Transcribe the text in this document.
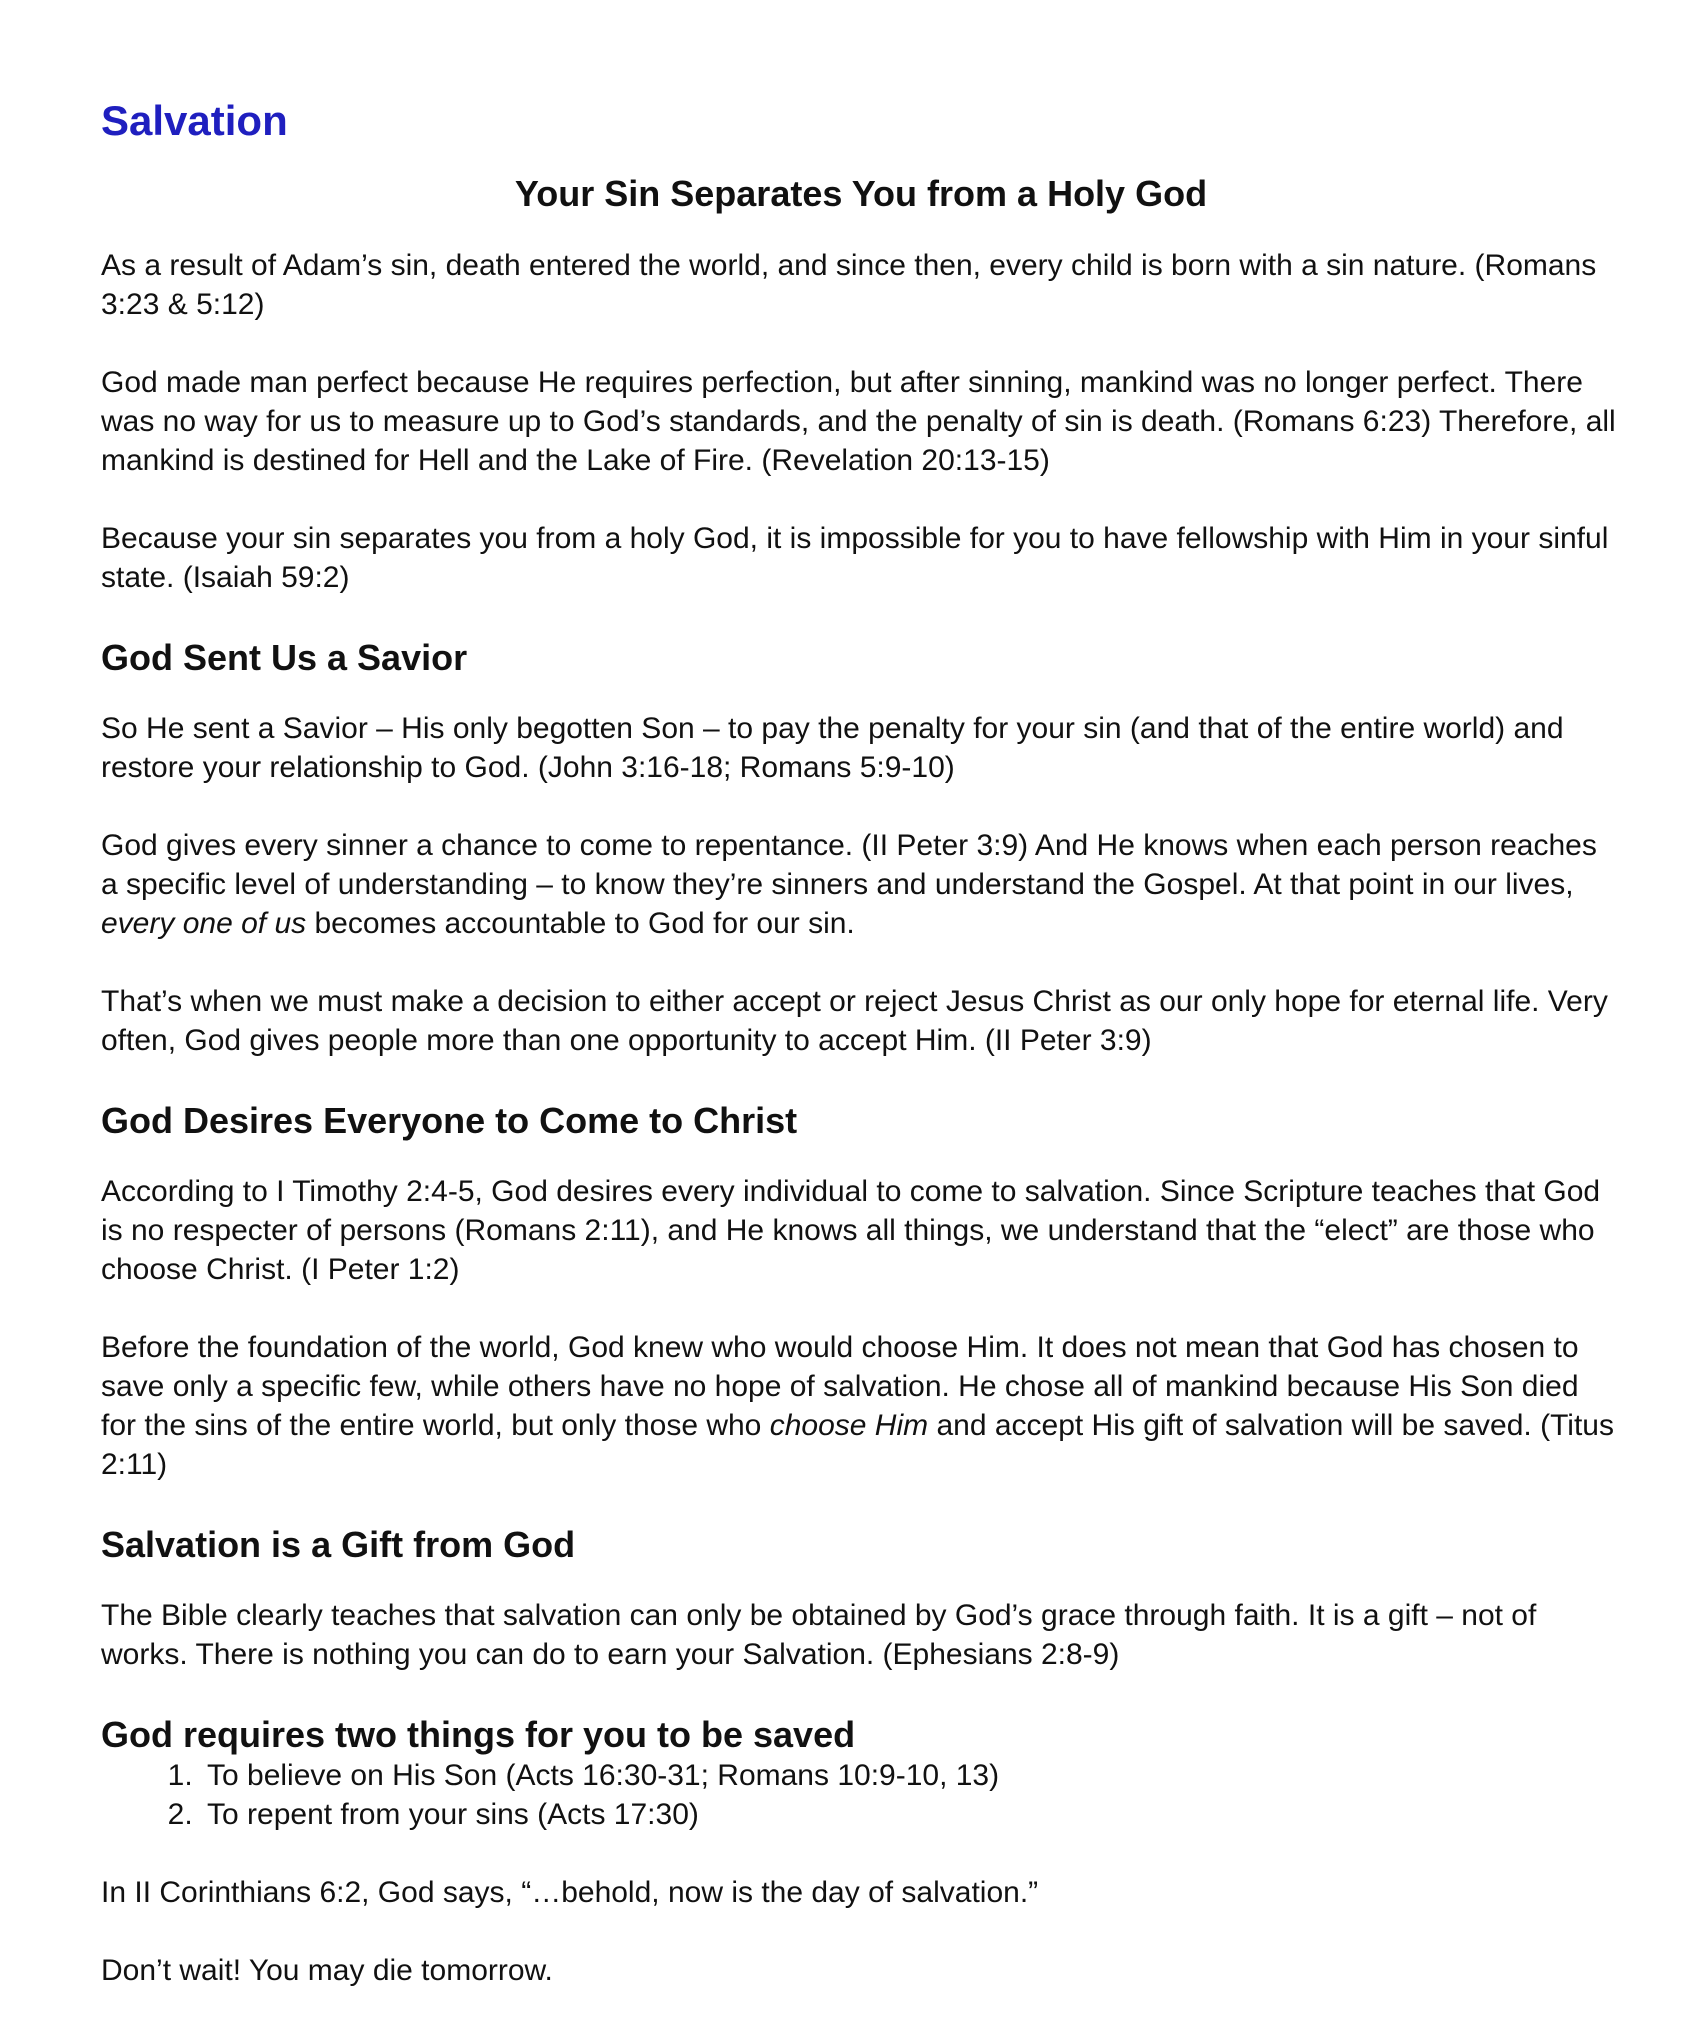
Salvation
Your Sin Separates You from a Holy God

As a result of Adam’s sin, death entered the world, and since then, every child is born with a sin nature. (Romans 3:23 & 5:12)

God made man perfect because He requires perfection, but after sinning, mankind was no longer perfect. There was no way for us to measure up to God’s standards, and the penalty of sin is death. (Romans 6:23) Therefore, all mankind is destined for Hell and the Lake of Fire. (Revelation 20:13-15)

Because your sin separates you from a holy God, it is impossible for you to have fellowship with Him in your sinful state. (Isaiah 59:2)

God Sent Us a Savior

So He sent a Savior – His only begotten Son – to pay the penalty for your sin (and that of the entire world) and restore your relationship to God. (John 3:16-18; Romans 5:9-10)

God gives every sinner a chance to come to repentance. (II Peter 3:9) And He knows when each person reaches a specific level of understanding – to know they’re sinners and understand the Gospel. At that point in our lives, every one of us becomes accountable to God for our sin.

That’s when we must make a decision to either accept or reject Jesus Christ as our only hope for eternal life. Very often, God gives people more than one opportunity to accept Him. (II Peter 3:9)

God Desires Everyone to Come to Christ

According to I Timothy 2:4-5, God desires every individual to come to salvation. Since Scripture teaches that God is no respecter of persons (Romans 2:11), and He knows all things, we understand that the “elect” are those who choose Christ. (I Peter 1:2)

Before the foundation of the world, God knew who would choose Him. It does not mean that God has chosen to save only a specific few, while others have no hope of salvation. He chose all of mankind because His Son died for the sins of the entire world, but only those who choose Him and accept His gift of salvation will be saved. (Titus 2:11)

Salvation is a Gift from God

The Bible clearly teaches that salvation can only be obtained by God’s grace through faith. It is a gift – not of works. There is nothing you can do to earn your Salvation. (Ephesians 2:8-9)

God requires two things for you to be saved
1. To believe on His Son (Acts 16:30-31; Romans 10:9-10, 13)
2. To repent from your sins (Acts 17:30)

In II Corinthians 6:2, God says, “…behold, now is the day of salvation.”

Don’t wait! You may die tomorrow.
